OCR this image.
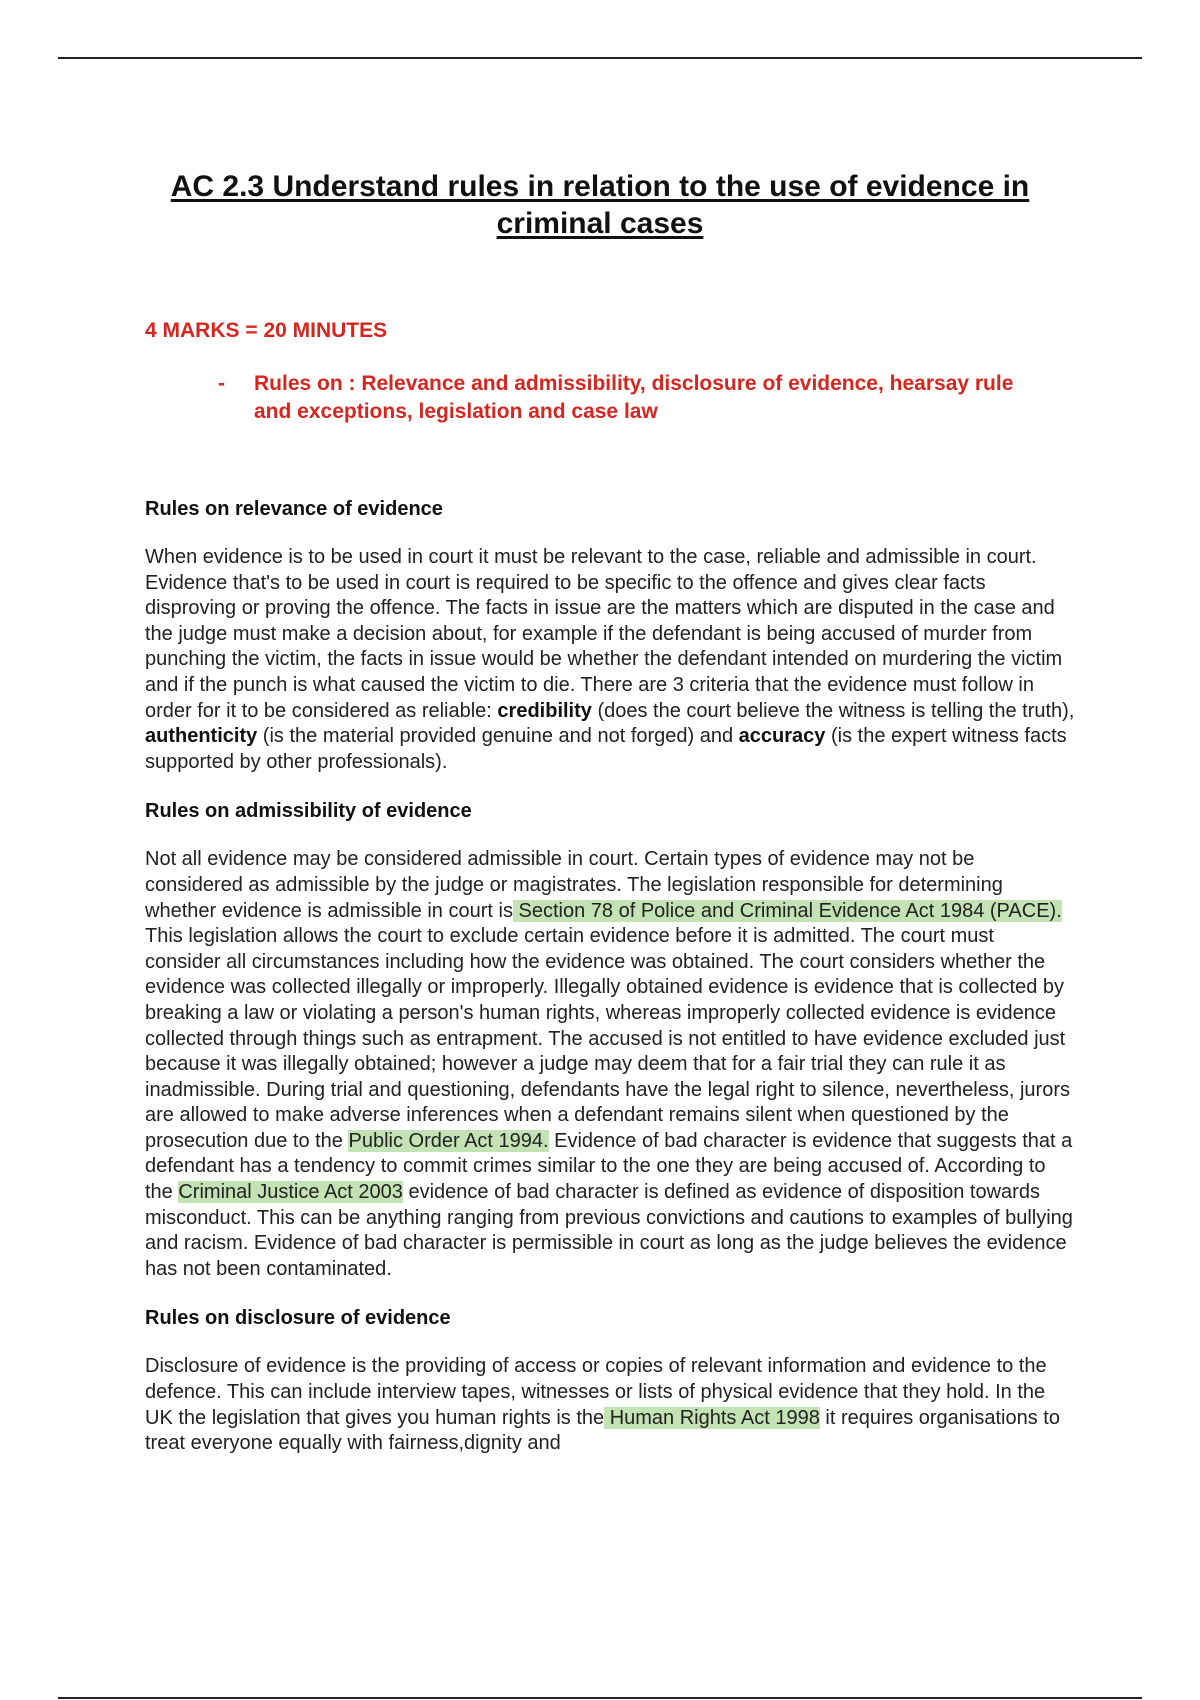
AC 2.3 Understand rules in relation to the use of evidence in criminal cases

4 MARKS = 20 MINUTES

- Rules on : Relevance and admissibility, disclosure of evidence, hearsay rule and exceptions, legislation and case law
Rules on relevance of evidence

When evidence is to be used in court it must be relevant to the case, reliable and admissible in court. Evidence that's to be used in court is required to be specific to the offence and gives clear facts disproving or proving the offence. The facts in issue are the matters which are disputed in the case and the judge must make a decision about, for example if the defendant is being accused of murder from punching the victim, the facts in issue would be whether the defendant intended on murdering the victim and if the punch is what caused the victim to die. There are 3 criteria that the evidence must follow in order for it to be considered as reliable: credibility (does the court believe the witness is telling the truth), authenticity (is the material provided genuine and not forged) and accuracy (is the expert witness facts supported by other professionals).

Rules on admissibility of evidence

Not all evidence may be considered admissible in court. Certain types of evidence may not be considered as admissible by the judge or magistrates. The legislation responsible for determining whether evidence is admissible in court is Section 78 of Police and Criminal Evidence Act 1984 (PACE). This legislation allows the court to exclude certain evidence before it is admitted. The court must consider all circumstances including how the evidence was obtained. The court considers whether the evidence was collected illegally or improperly. Illegally obtained evidence is evidence that is collected by breaking a law or violating a person's human rights, whereas improperly collected evidence is evidence collected through things such as entrapment. The accused is not entitled to have evidence excluded just because it was illegally obtained; however a judge may deem that for a fair trial they can rule it as inadmissible. During trial and questioning, defendants have the legal right to silence, nevertheless, jurors are allowed to make adverse inferences when a defendant remains silent when questioned by the prosecution due to the Public Order Act 1994. Evidence of bad character is evidence that suggests that a defendant has a tendency to commit crimes similar to the one they are being accused of. According to the Criminal Justice Act 2003 evidence of bad character is defined as evidence of disposition towards misconduct. This can be anything ranging from previous convictions and cautions to examples of bullying and racism. Evidence of bad character is permissible in court as long as the judge believes the evidence has not been contaminated.

Rules on disclosure of evidence

Disclosure of evidence is the providing of access or copies of relevant information and evidence to the defence. This can include interview tapes, witnesses or lists of physical evidence that they hold. In the UK the legislation that gives you human rights is the Human Rights Act 1998 it requires organisations to treat everyone equally with fairness,dignity and
